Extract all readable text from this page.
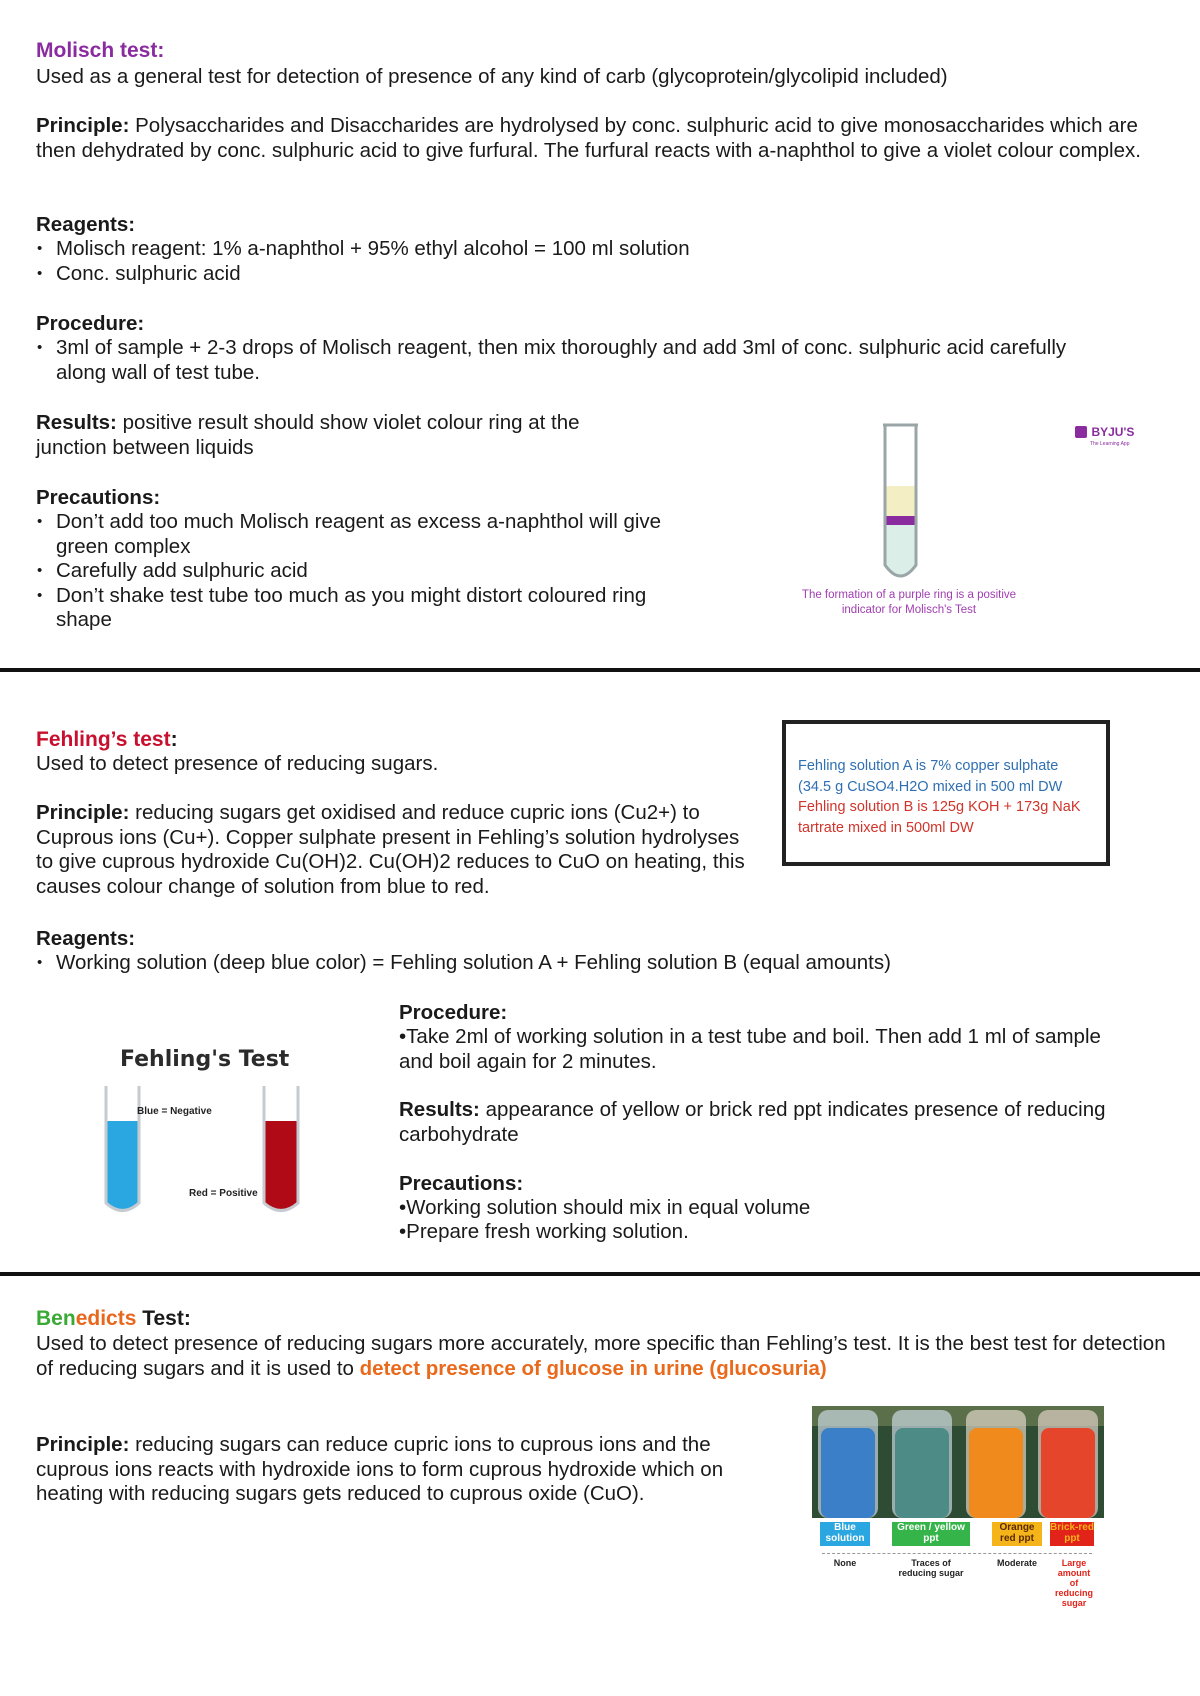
Molisch test:
Used as a general test for detection of presence of any kind of carb (glycoprotein/glycolipid included)
Principle: Polysaccharides and Disaccharides are hydrolysed by conc. sulphuric acid to give monosaccharides which are then dehydrated by conc. sulphuric acid to give furfural. The furfural reacts with a-naphthol to give a violet colour complex.
Reagents:
• Molisch reagent: 1% a-naphthol + 95% ethyl alcohol = 100 ml solution
• Conc. sulphuric acid
Procedure:
• 3ml of sample + 2-3 drops of Molisch reagent, then mix thoroughly and add 3ml of conc. sulphuric acid carefully along wall of test tube.
Results: positive result should show violet colour ring at the junction between liquids
Precautions:
• Don’t add too much Molisch reagent as excess a-naphthol will give green complex
• Carefully add sulphuric acid
• Don’t shake test tube too much as you might distort coloured ring shape
BYJU'S
The Learning App
The formation of a purple ring is a positive indicator for Molisch's Test
Fehling’s test:
Used to detect presence of reducing sugars.
Principle: reducing sugars get oxidised and reduce cupric ions (Cu2+) to Cuprous ions (Cu+). Copper sulphate present in Fehling’s solution hydrolyses to give cuprous hydroxide Cu(OH)2. Cu(OH)2 reduces to CuO on heating, this causes colour change of solution from blue to red.
Fehling solution A is 7% copper sulphate (34.5 g CuSO4.H2O mixed in 500 ml DW
Fehling solution B is 125g KOH + 173g NaK tartrate mixed in 500ml DW
Reagents:
• Working solution (deep blue color) = Fehling solution A + Fehling solution B (equal amounts)
Fehling's Test
Blue = Negative
Red = Positive
Procedure:
•Take 2ml of working solution in a test tube and boil. Then add 1 ml of sample and boil again for 2 minutes.
Results: appearance of yellow or brick red ppt indicates presence of reducing carbohydrate
Precautions:
•Working solution should mix in equal volume
•Prepare fresh working solution.
Benedicts Test:
Used to detect presence of reducing sugars more accurately, more specific than Fehling’s test. It is the best test for detection of reducing sugars and it is used to detect presence of glucose in urine (glucosuria)
Principle: reducing sugars can reduce cupric ions to cuprous ions and the cuprous ions reacts with hydroxide ions to form cuprous hydroxide which on heating with reducing sugars gets reduced to cuprous oxide (CuO).
Blue solution
Green / yellow ppt
Orange red ppt
Brick-red ppt
None	Traces of reducing sugar
Moderate	Large amount of reducing sugar
